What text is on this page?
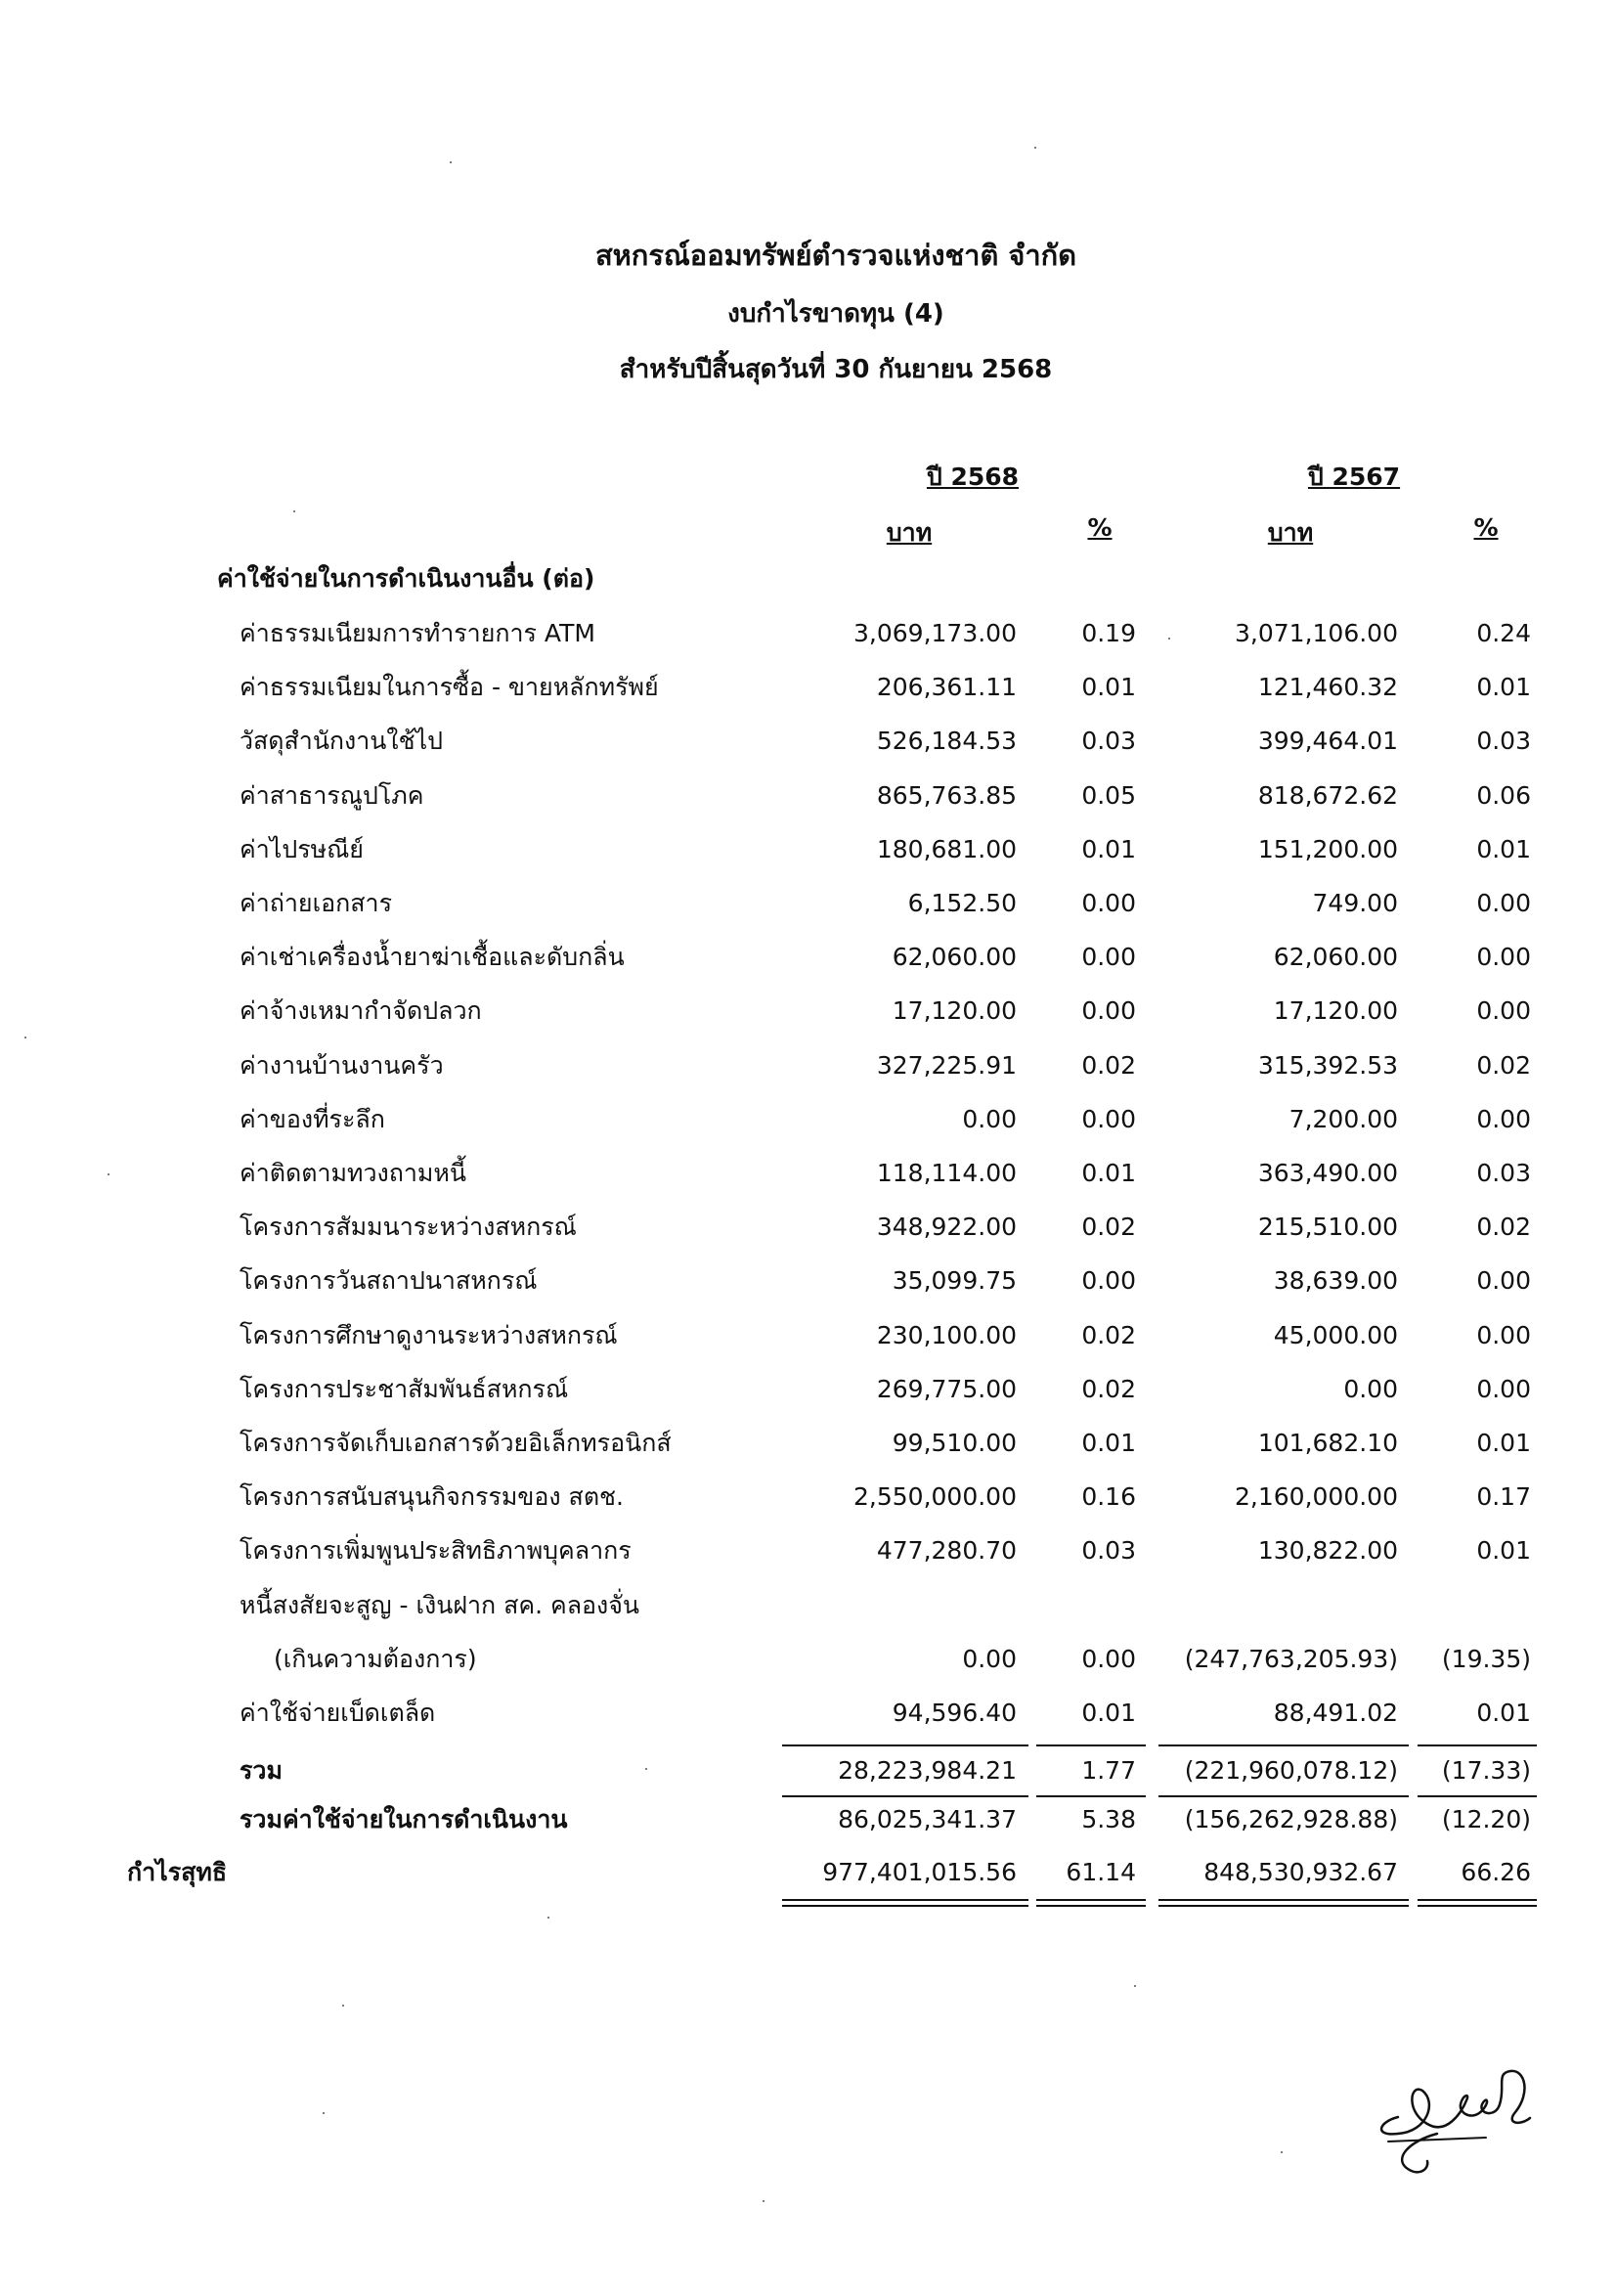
สหกรณ์ออมทรัพย์ตำรวจแห่งชาติ จำกัด
งบกำไรขาดทุน (4)
สำหรับปีสิ้นสุดวันที่ 30 กันยายน 2568
ปี 2568	ปี 2567
บาท	%	บาท	%
ค่าใช้จ่ายในการดำเนินงานอื่น (ต่อ)
ค่าธรรมเนียมการทำรายการ ATM	3,069,173.00	0.19	3,071,106.00	0.24
ค่าธรรมเนียมในการซื้อ - ขายหลักทรัพย์	206,361.11	0.01	121,460.32	0.01
วัสดุสำนักงานใช้ไป	526,184.53	0.03	399,464.01	0.03
ค่าสาธารณูปโภค	865,763.85	0.05	818,672.62	0.06
ค่าไปรษณีย์	180,681.00	0.01	151,200.00	0.01
ค่าถ่ายเอกสาร	6,152.50	0.00	749.00	0.00
ค่าเช่าเครื่องน้ำยาฆ่าเชื้อและดับกลิ่น	62,060.00	0.00	62,060.00	0.00
ค่าจ้างเหมากำจัดปลวก	17,120.00	0.00	17,120.00	0.00
ค่างานบ้านงานครัว	327,225.91	0.02	315,392.53	0.02
ค่าของที่ระลึก	0.00	0.00	7,200.00	0.00
ค่าติดตามทวงถามหนี้	118,114.00	0.01	363,490.00	0.03
โครงการสัมมนาระหว่างสหกรณ์	348,922.00	0.02	215,510.00	0.02
โครงการวันสถาปนาสหกรณ์	35,099.75	0.00	38,639.00	0.00
โครงการศึกษาดูงานระหว่างสหกรณ์	230,100.00	0.02	45,000.00	0.00
โครงการประชาสัมพันธ์สหกรณ์	269,775.00	0.02	0.00	0.00
โครงการจัดเก็บเอกสารด้วยอิเล็กทรอนิกส์	99,510.00	0.01	101,682.10	0.01
โครงการสนับสนุนกิจกรรมของ สตช.	2,550,000.00	0.16	2,160,000.00	0.17
โครงการเพิ่มพูนประสิทธิภาพบุคลากร	477,280.70	0.03	130,822.00	0.01
หนี้สงสัยจะสูญ - เงินฝาก สค. คลองจั่น
(เกินความต้องการ)	0.00	0.00	(247,763,205.93)	(19.35)
ค่าใช้จ่ายเบ็ดเตล็ด	94,596.40	0.01	88,491.02	0.01
รวม	28,223,984.21	1.77	(221,960,078.12)	(17.33)
รวมค่าใช้จ่ายในการดำเนินงาน	86,025,341.37	5.38	(156,262,928.88)	(12.20)
กำไรสุทธิ	977,401,015.56	61.14	848,530,932.67	66.26
